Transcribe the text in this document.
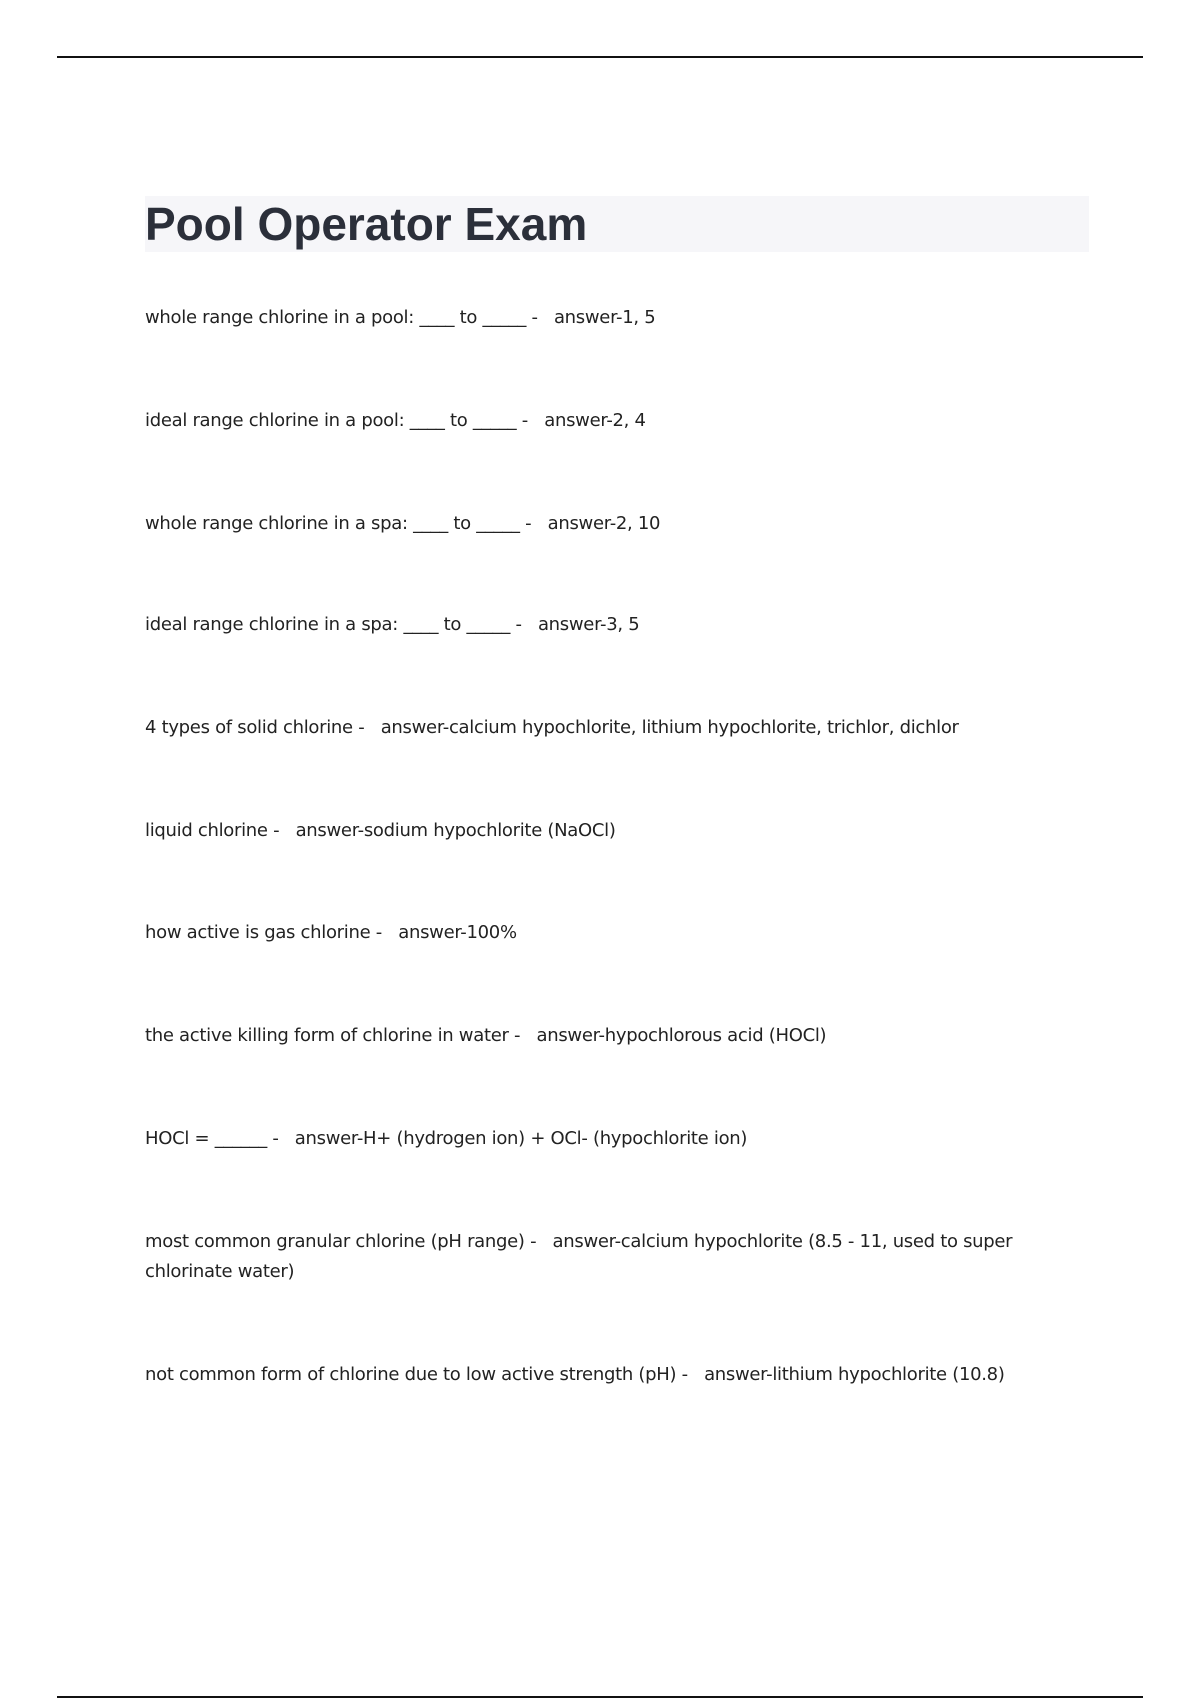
Pool Operator Exam

whole range chlorine in a pool: ____ to _____ -   answer-1, 5

ideal range chlorine in a pool: ____ to _____ -   answer-2, 4

whole range chlorine in a spa: ____ to _____ -   answer-2, 10

ideal range chlorine in a spa: ____ to _____ -   answer-3, 5

4 types of solid chlorine -   answer-calcium hypochlorite, lithium hypochlorite, trichlor, dichlor

liquid chlorine -   answer-sodium hypochlorite (NaOCl)

how active is gas chlorine -   answer-100%

the active killing form of chlorine in water -   answer-hypochlorous acid (HOCl)

HOCl = ______ -   answer-H+ (hydrogen ion) + OCl- (hypochlorite ion)

most common granular chlorine (pH range) -   answer-calcium hypochlorite (8.5 - 11, used to super chlorinate water)

not common form of chlorine due to low active strength (pH) -   answer-lithium hypochlorite (10.8)
